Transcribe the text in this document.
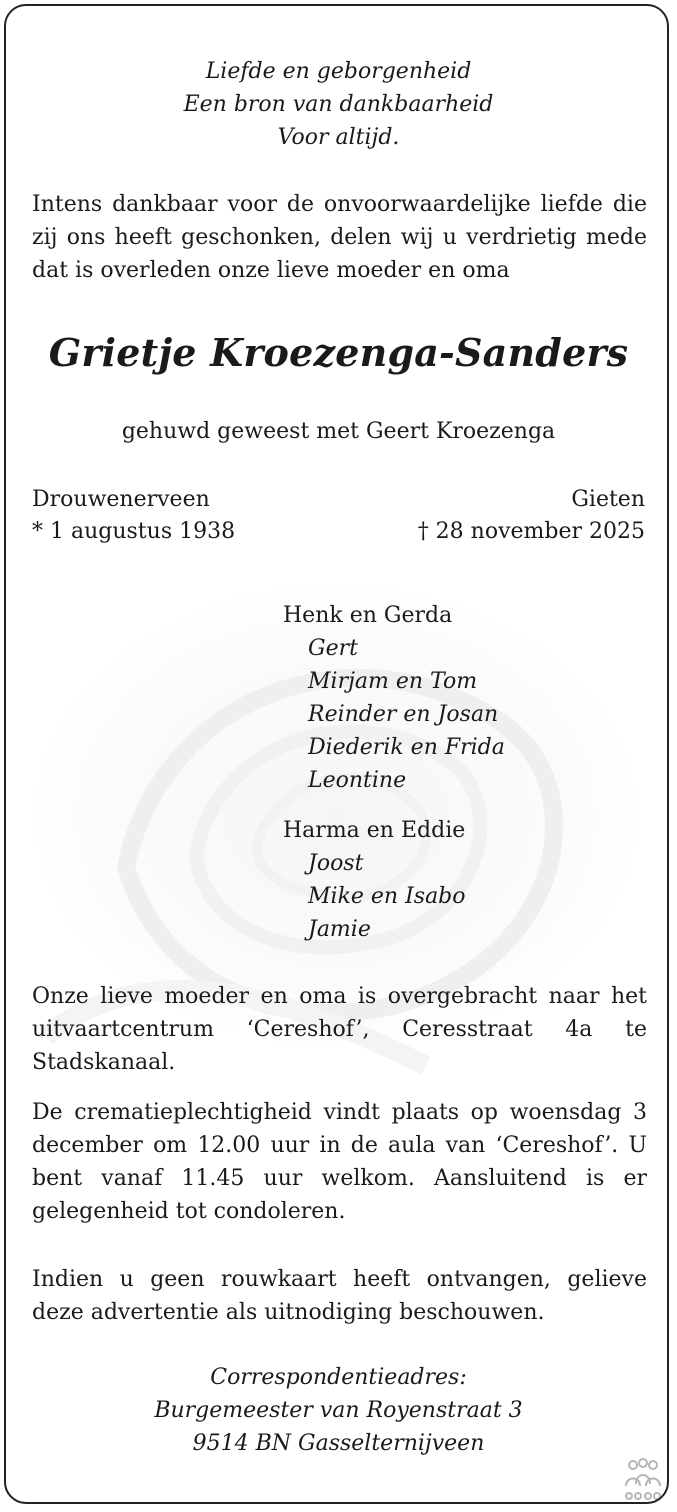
Liefde en geborgenheid
Een bron van dankbaarheid
Voor altijd.
Intens dankbaar voor de onvoorwaardelijke liefde die zij ons heeft geschonken, delen wij u verdrietig mede dat is overleden onze lieve moeder en oma
Grietje Kroezenga-Sanders
gehuwd geweest met Geert Kroezenga
Drouwenerveen
* 1 augustus 1938
Gieten
† 28 november 2025
Henk en Gerda
Gert
Mirjam en Tom
Reinder en Josan
Diederik en Frida
Leontine
Harma en Eddie
Joost
Mike en Isabo
Jamie
Onze lieve moeder en oma is overgebracht naar het uitvaartcentrum ‘Cereshof’, Ceresstraat 4a te Stadskanaal.
De crematieplechtigheid vindt plaats op woensdag 3 december om 12.00 uur in de aula van ‘Cereshof’. U bent vanaf 11.45 uur welkom. Aansluitend is er gelegenheid tot condoleren.
Indien u geen rouwkaart heeft ontvangen, gelieve deze advertentie als uitnodiging beschouwen.
Correspondentieadres:
Burgemeester van Royenstraat 3
9514 BN Gasselternijveen
